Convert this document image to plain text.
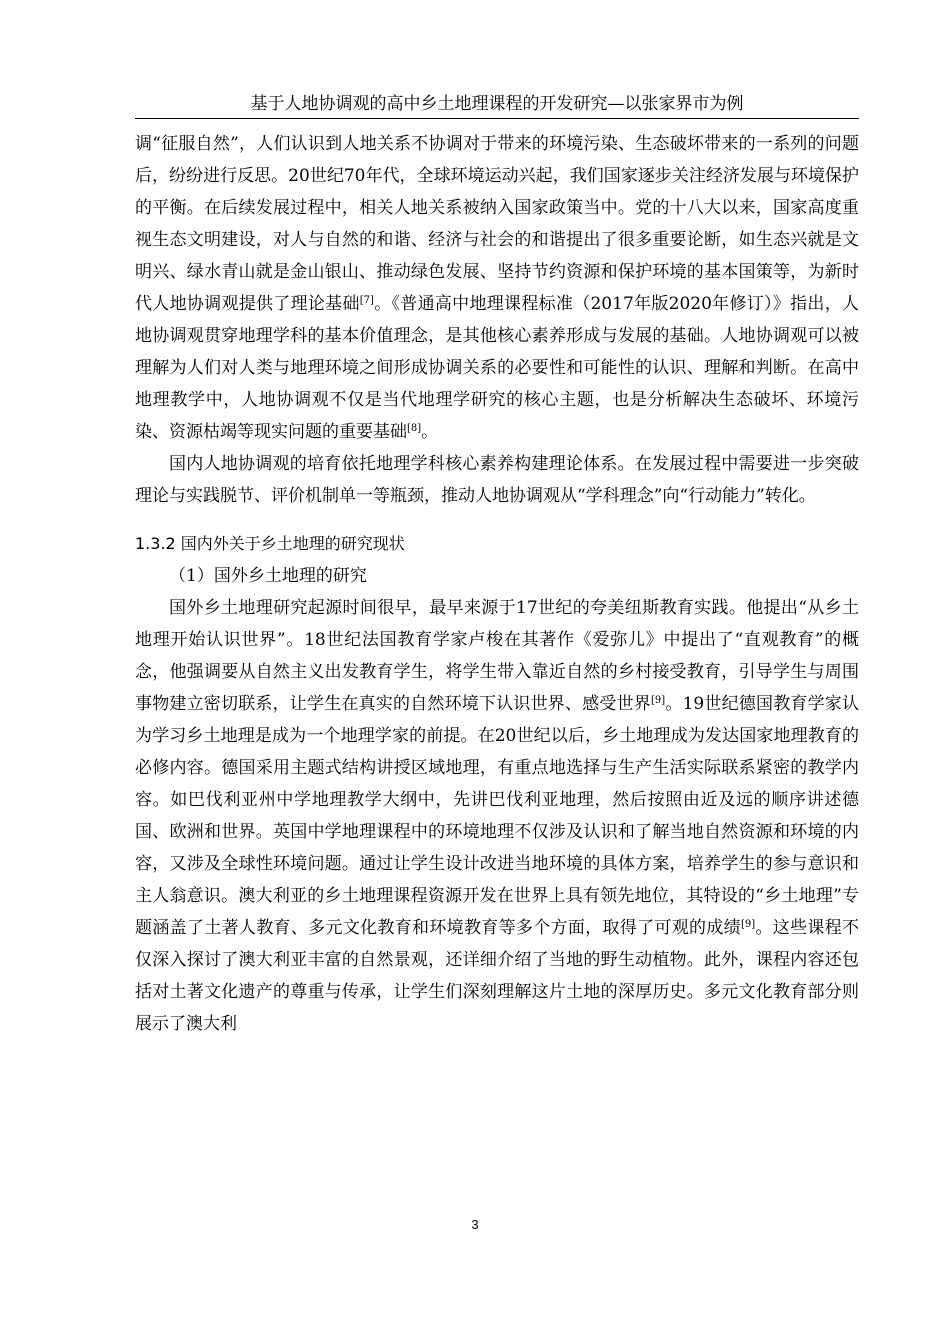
基于人地协调观的高中乡土地理课程的开发研究—以张家界市为例

调“征服自然”，人们认识到人地关系不协调对于带来的环境污染、生态破坏带来的一系列的问题后，纷纷进行反思。20世纪70年代，全球环境运动兴起，我们国家逐步关注经济发展与环境保护的平衡。在后续发展过程中，相关人地关系被纳入国家政策当中。党的十八大以来，国家高度重视生态文明建设，对人与自然的和谐、经济与社会的和谐提出了很多重要论断，如生态兴就是文明兴、绿水青山就是金山银山、推动绿色发展、坚持节约资源和保护环境的基本国策等，为新时代人地协调观提供了理论基础[7]。《普通高中地理课程标准（2017年版2020年修订）》指出，人地协调观贯穿地理学科的基本价值理念，是其他核心素养形成与发展的基础。人地协调观可以被理解为人们对人类与地理环境之间形成协调关系的必要性和可能性的认识、理解和判断。在高中地理教学中，人地协调观不仅是当代地理学研究的核心主题，也是分析解决生态破坏、环境污染、资源枯竭等现实问题的重要基础[8]。

国内人地协调观的培育依托地理学科核心素养构建理论体系。在发展过程中需要进一步突破理论与实践脱节、评价机制单一等瓶颈，推动人地协调观从“学科理念”向“行动能力”转化。

1.3.2 国内外关于乡土地理的研究现状

（1）国外乡土地理的研究

国外乡土地理研究起源时间很早，最早来源于17世纪的夸美纽斯教育实践。他提出“从乡土地理开始认识世界”。18世纪法国教育学家卢梭在其著作《爱弥儿》中提出了“直观教育”的概念，他强调要从自然主义出发教育学生，将学生带入靠近自然的乡村接受教育，引导学生与周围事物建立密切联系，让学生在真实的自然环境下认识世界、感受世界[9]。19世纪德国教育学家认为学习乡土地理是成为一个地理学家的前提。在20世纪以后，乡土地理成为发达国家地理教育的必修内容。德国采用主题式结构讲授区域地理，有重点地选择与生产生活实际联系紧密的教学内容。如巴伐利亚州中学地理教学大纲中，先讲巴伐利亚地理，然后按照由近及远的顺序讲述德国、欧洲和世界。英国中学地理课程中的环境地理不仅涉及认识和了解当地自然资源和环境的内容，又涉及全球性环境问题。通过让学生设计改进当地环境的具体方案，培养学生的参与意识和主人翁意识。澳大利亚的乡土地理课程资源开发在世界上具有领先地位，其特设的“乡土地理”专题涵盖了土著人教育、多元文化教育和环境教育等多个方面，取得了可观的成绩[9]。这些课程不仅深入探讨了澳大利亚丰富的自然景观，还详细介绍了当地的野生动植物。此外，课程内容还包括对土著文化遗产的尊重与传承，让学生们深刻理解这片土地的深厚历史。多元文化教育部分则展示了澳大利

3
